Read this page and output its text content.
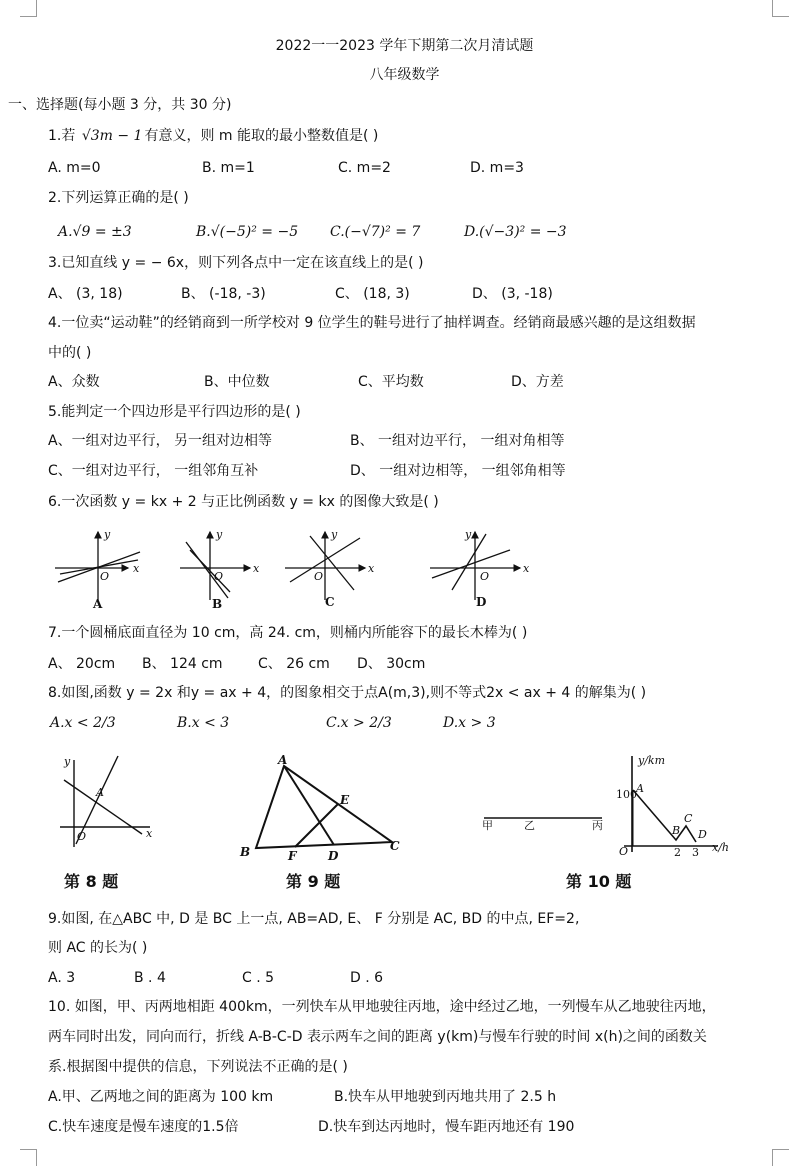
2022一一2023 学年下期第二次月清试题
八年级数学
一、选择题(每小题 3 分，共 30 分)
1.若 √3m − 1 有意义，则 m 能取的最小整数值是( )
A. m=0	B. m=1	C. m=2	D. m=3
2.下列运算正确的是( )
A.√9 = ±3	B.√(−5)² = −5 C.(−√7)² = 7	D.(√−3)² = −3
3.已知直线 y = − 6x，则下列各点中一定在该直线上的是( )
A、 (3, 18)	B、 (-18, -3)	C、 (18, 3)	D、 (3, -18)
4.一位卖“运动鞋”的经销商到一所学校对 9 位学生的鞋号进行了抽样调查。经销商最感兴趣的是这组数据
中的( )
A、众数	B、中位数	C、平均数	D、方差
5.能判定一个四边形是平行四边形的是( )
A、一组对边平行， 另一组对边相等	B、 一组对边平行， 一组对角相等
C、一组对边平行， 一组邻角互补	D、 一组对边相等， 一组邻角相等
6.一次函数 y = kx + 2 与正比例函数 y = kx 的图像大致是( )
y
x
O
y
x
O
y
x
O
y
x
O
A	B	C	D
7.一个圆桶底面直径为 10 cm，高 24. cm，则桶内所能容下的最长木棒为( )
A、 20cm B、 124 cm	C、 26 cm D、 30cm
8.如图,函数 y = 2x 和y = ax + 4，的图象相交于点A(m,3),则不等式2x < ax + 4 的解集为( )
A.x < 2/3	B.x < 3	C.x > 2/3	D.x > 3
y
x
O
A
第 8 题
A
B	C
D
E
F
第 9 题
甲	乙	丙
y/km
x/h
O
100 A
B
C
D
2 3
第 10 题
9.如图, 在△ABC 中, D 是 BC 上一点, AB=AD, E、 F 分别是 AC, BD 的中点, EF=2,
则 AC 的长为( )
A. 3	B . 4	C . 5	D . 6
10. 如图，甲、丙两地相距 400km，一列快车从甲地驶往丙地，途中经过乙地，一列慢车从乙地驶往丙地，
两车同时出发，同向而行，折线 A-B-C-D 表示两车之间的距离 y(km)与慢车行驶的时间 x(h)之间的函数关
系.根据图中提供的信息，下列说法不正确的是( )
A.甲、乙两地之间的距离为 100 km	B.快车从甲地驶到丙地共用了 2.5 h
C.快车速度是慢车速度的1.5倍	D.快车到达丙地时，慢车距丙地还有 190
